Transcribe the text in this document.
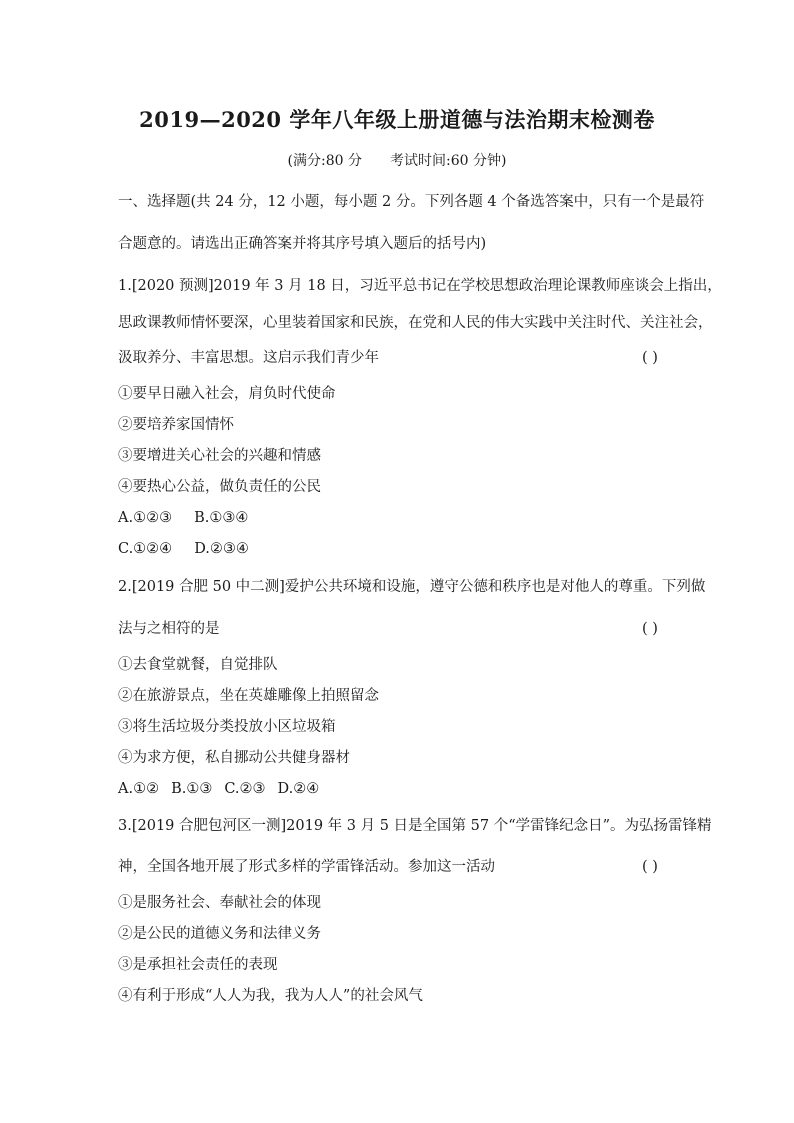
2019—2020 学年八年级上册道德与法治期末检测卷
(满分:80 分 考试时间:60 分钟)
一、选择题(共 24 分，12 小题，每小题 2 分。下列各题 4 个备选答案中，只有一个是最符
合题意的。请选出正确答案并将其序号填入题后的括号内)
1.[2020 预测]2019 年 3 月 18 日，习近平总书记在学校思想政治理论课教师座谈会上指出，
思政课教师情怀要深，心里装着国家和民族，在党和人民的伟大实践中关注时代、关注社会，
汲取养分、丰富思想。这启示我们青少年	( )
①要早日融入社会，肩负时代使命
②要培养家国情怀
③要增进关心社会的兴趣和情感
④要热心公益，做负责任的公民
A.①②③ B.①③④
C.①②④ D.②③④
2.[2019 合肥 50 中二测]爱护公共环境和设施，遵守公德和秩序也是对他人的尊重。下列做
法与之相符的是	( )
①去食堂就餐，自觉排队
②在旅游景点，坐在英雄雕像上拍照留念
③将生活垃圾分类投放小区垃圾箱
④为求方便，私自挪动公共健身器材
A.①② B.①③ C.②③ D.②④
3.[2019 合肥包河区一测]2019 年 3 月 5 日是全国第 57 个“学雷锋纪念日”。为弘扬雷锋精
神，全国各地开展了形式多样的学雷锋活动。参加这一活动	( )
①是服务社会、奉献社会的体现
②是公民的道德义务和法律义务
③是承担社会责任的表现
④有利于形成“人人为我，我为人人”的社会风气
